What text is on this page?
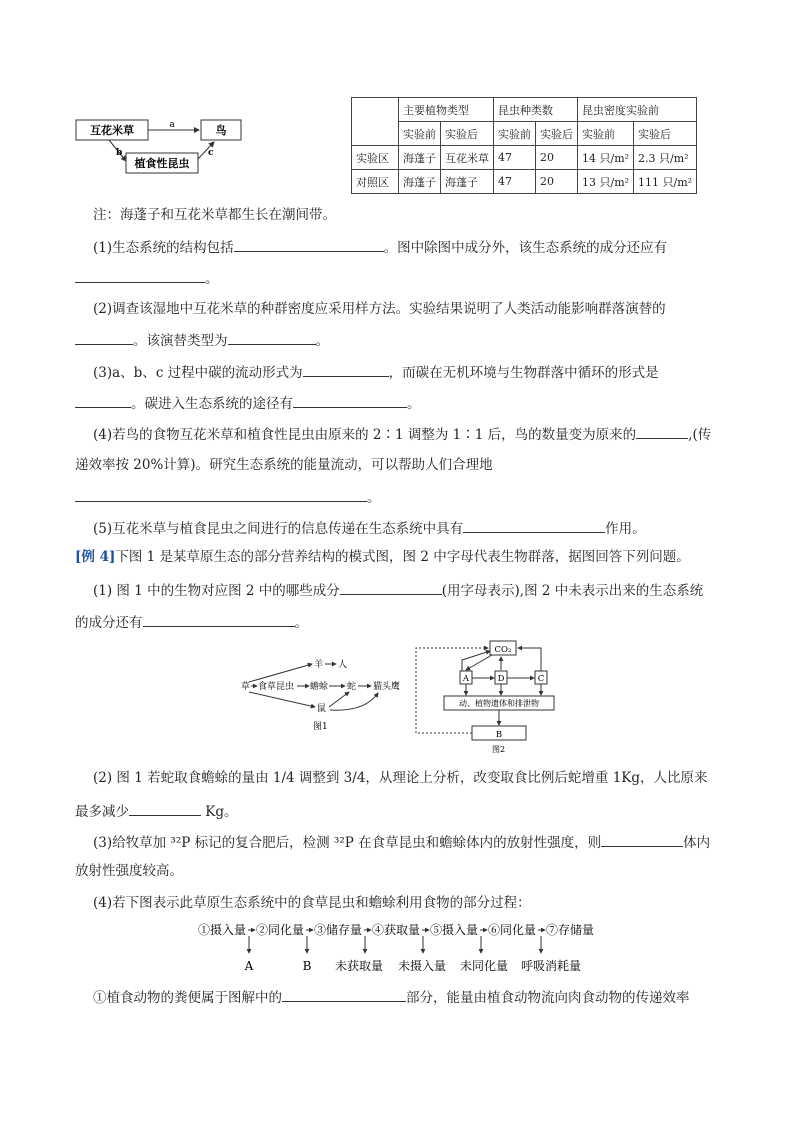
互花米草	鸟
植食性昆虫
a
b	c
	主要植物类型		昆虫种类数		昆虫密度实验前	
	实验前	实验后	实验前	实验后	实验前	实验后
实验区	海蓬子	互花米草	47	20	14 只/m²	2.3 只/m²
对照区	海蓬子	海蓬子	47	20	13 只/m²	111 只/m²
注：海蓬子和互花米草都生长在潮间带。
(1)生态系统的结构包括	。图中除图中成分外，该生态系统的成分还应有
。
(2)调查该湿地中互花米草的种群密度应采用样方法。实验结果说明了人类活动能影响群落演替的
。该演替类型为	。
(3)a、b、c 过程中碳的流动形式为	，而碳在无机环境与生物群落中循环的形式是
。碳进入生态系统的途径有	。
(4)若鸟的食物互花米草和植食性昆虫由原来的 2∶1 调整为 1∶1 后，鸟的数量变为原来的	,(传
递效率按 20%计算)。研究生态系统的能量流动，可以帮助人们合理地
。
(5)互花米草与植食昆虫之间进行的信息传递在生态系统中具有	作用。
[例 4]下图 1 是某草原生态的部分营养结构的模式图，图 2 中字母代表生物群落，据图回答下列问题。
(1) 图 1 中的生物对应图 2 中的哪些成分	(用字母表示),图 2 中未表示出来的生态系统
的成分还有	。
羊 人
草 食草昆虫 蟾蜍 蛇 猫头鹰
鼠
图1
CO₂
A	D	C
动、植物遗体和排泄物
B
图2
(2) 图 1 若蛇取食蟾蜍的量由 1/4 调整到 3/4，从理论上分析，改变取食比例后蛇增重 1Kg，人比原来
最多减少	Kg。
(3)给牧草加 ³²P 标记的复合肥后，检测 ³²P 在食草昆虫和蟾蜍体内的放射性强度，则	体内
放射性强度较高。
(4)若下图表示此草原生态系统中的食草昆虫和蟾蜍利用食物的部分过程：
①摄入量 ②同化量 ③储存量 ④获取量 ⑤摄入量 ⑥同化量 ⑦存储量
A	B 未获取量 未摄入量 未同化量 呼吸消耗量
①植食动物的粪便属于图解中的	部分，能量由植食动物流向肉食动物的传递效率
